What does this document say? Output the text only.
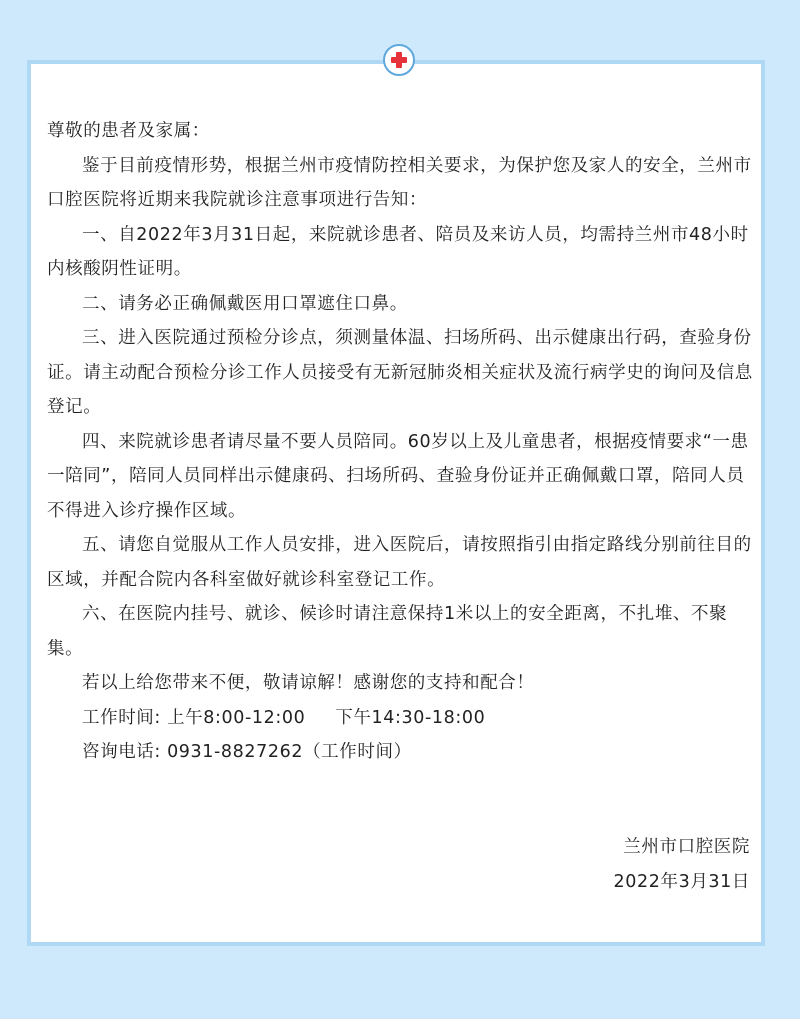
尊敬的患者及家属：

鉴于目前疫情形势，根据兰州市疫情防控相关要求，为保护您及家人的安全，兰州市口腔医院将近期来我院就诊注意事项进行告知：

一、自2022年3月31日起，来院就诊患者、陪员及来访人员，均需持兰州市48小时内核酸阴性证明。

二、请务必正确佩戴医用口罩遮住口鼻。

三、进入医院通过预检分诊点，须测量体温、扫场所码、出示健康出行码，查验身份证。请主动配合预检分诊工作人员接受有无新冠肺炎相关症状及流行病学史的询问及信息登记。

四、来院就诊患者请尽量不要人员陪同。60岁以上及儿童患者，根据疫情要求“一患一陪同”，陪同人员同样出示健康码、扫场所码、查验身份证并正确佩戴口罩，陪同人员不得进入诊疗操作区域。

五、请您自觉服从工作人员安排，进入医院后，请按照指引由指定路线分别前往目的区域，并配合院内各科室做好就诊科室登记工作。

六、在医院内挂号、就诊、候诊时请注意保持1米以上的安全距离，不扎堆、不聚集。

若以上给您带来不便，敬请谅解！感谢您的支持和配合！

工作时间: 上午8:00-12:00 下午14:30-18:00

咨询电话: 0931-8827262（工作时间）

兰州市口腔医院

2022年3月31日
